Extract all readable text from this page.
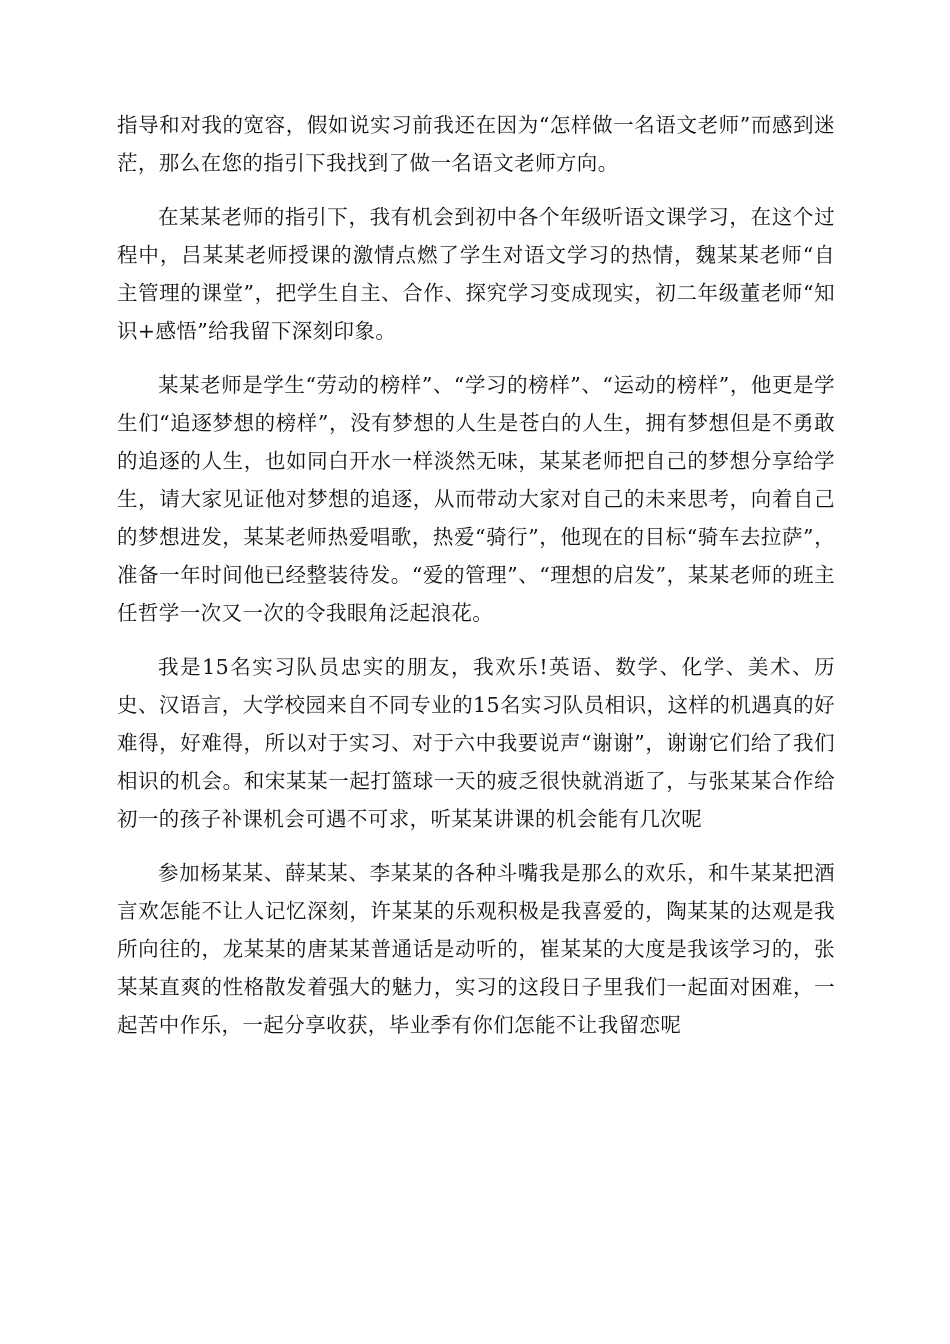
指导和对我的宽容，假如说实习前我还在因为“怎样做一名语文老师”而感到迷茫，那么在您的指引下我找到了做一名语文老师方向。

在某某老师的指引下，我有机会到初中各个年级听语文课学习，在这个过程中，吕某某老师授课的激情点燃了学生对语文学习的热情，魏某某老师“自主管理的课堂”，把学生自主、合作、探究学习变成现实，初二年级董老师“知识+感悟”给我留下深刻印象。

某某老师是学生“劳动的榜样”、“学习的榜样”、“运动的榜样”，他更是学生们“追逐梦想的榜样”，没有梦想的人生是苍白的人生，拥有梦想但是不勇敢的追逐的人生，也如同白开水一样淡然无味，某某老师把自己的梦想分享给学生，请大家见证他对梦想的追逐，从而带动大家对自己的未来思考，向着自己的梦想进发，某某老师热爱唱歌，热爱“骑行”，他现在的目标“骑车去拉萨”，准备一年时间他已经整装待发。“爱的管理”、“理想的启发”，某某老师的班主任哲学一次又一次的令我眼角泛起浪花。

我是15名实习队员忠实的朋友，我欢乐!英语、数学、化学、美术、历史、汉语言，大学校园来自不同专业的15名实习队员相识，这样的机遇真的好难得，好难得，所以对于实习、对于六中我要说声“谢谢”，谢谢它们给了我们相识的机会。和宋某某一起打篮球一天的疲乏很快就消逝了，与张某某合作给初一的孩子补课机会可遇不可求，听某某讲课的机会能有几次呢

参加杨某某、薛某某、李某某的各种斗嘴我是那么的欢乐，和牛某某把酒言欢怎能不让人记忆深刻，许某某的乐观积极是我喜爱的，陶某某的达观是我所向往的，龙某某的唐某某普通话是动听的，崔某某的大度是我该学习的，张某某直爽的性格散发着强大的魅力，实习的这段日子里我们一起面对困难，一起苦中作乐，一起分享收获，毕业季有你们怎能不让我留恋呢
